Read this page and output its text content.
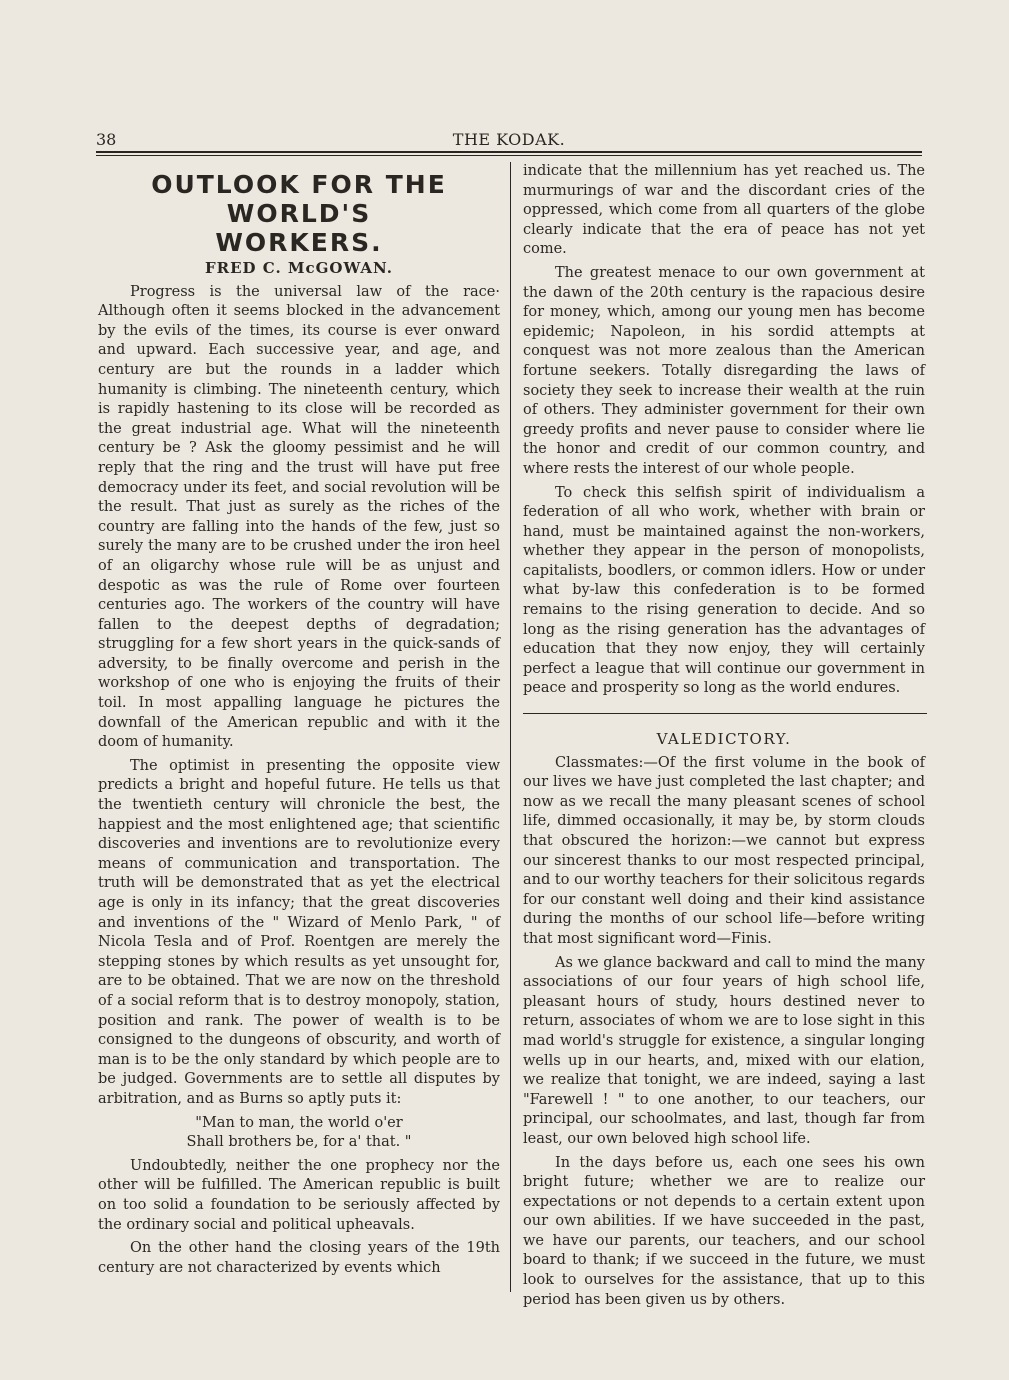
38	THE KODAK.
OUTLOOK FOR THE WORLD'S
WORKERS.
FRED C. McGOWAN.

Progress is the universal law of the race· Although often it seems blocked in the advancement by the evils of the times, its course is ever onward and upward. Each successive year, and age, and century are but the rounds in a ladder which humanity is climbing. The nineteenth century, which is rapidly hastening to its close will be recorded as the great industrial age. What will the nineteenth century be ? Ask the gloomy pessimist and he will reply that the ring and the trust will have put free democracy under its feet, and social revolution will be the result. That just as surely as the riches of the country are falling into the hands of the few, just so surely the many are to be crushed under the iron heel of an oligarchy whose rule will be as unjust and despotic as was the rule of Rome over fourteen centuries ago. The workers of the country will have fallen to the deepest depths of degradation; struggling for a few short years in the quick-sands of adversity, to be finally overcome and perish in the workshop of one who is enjoying the fruits of their toil. In most appalling language he pictures the downfall of the American republic and with it the doom of humanity.

The optimist in presenting the opposite view predicts a bright and hopeful future. He tells us that the twentieth century will chronicle the best, the happiest and the most enlightened age; that scientific discoveries and inventions are to revolutionize every means of communication and transportation. The truth will be demonstrated that as yet the electrical age is only in its infancy; that the great discoveries and inventions of the " Wizard of Menlo Park, " of Nicola Tesla and of Prof. Roentgen are merely the stepping stones by which results as yet unsought for, are to be obtained. That we are now on the threshold of a social reform that is to destroy monopoly, station, position and rank. The power of wealth is to be consigned to the dungeons of obscurity, and worth of man is to be the only standard by which people are to be judged. Governments are to settle all disputes by arbitration, and as Burns so aptly puts it:

"Man to man, the world o'er

Shall brothers be, for a' that. "

Undoubtedly, neither the one prophecy nor the other will be fulfilled. The American republic is built on too solid a foundation to be seriously affected by the ordinary social and political upheavals.

On the other hand the closing years of the 19th century are not characterized by events which

indicate that the millennium has yet reached us. The murmurings of war and the discordant cries of the oppressed, which come from all quarters of the globe clearly indicate that the era of peace has not yet come.

The greatest menace to our own government at the dawn of the 20th century is the rapacious desire for money, which, among our young men has become epidemic; Napoleon, in his sordid attempts at conquest was not more zealous than the American fortune seekers. Totally disregarding the laws of society they seek to increase their wealth at the ruin of others. They administer government for their own greedy profits and never pause to consider where lie the honor and credit of our common country, and where rests the interest of our whole people.

To check this selfish spirit of individualism a federation of all who work, whether with brain or hand, must be maintained against the non-workers, whether they appear in the person of monopolists, capitalists, boodlers, or common idlers. How or under what by-law this confederation is to be formed remains to the rising generation to decide. And so long as the rising generation has the advantages of education that they now enjoy, they will certainly perfect a league that will continue our government in peace and prosperity so long as the world endures.

VALEDICTORY.

Classmates:—Of the first volume in the book of our lives we have just completed the last chapter; and now as we recall the many pleasant scenes of school life, dimmed occasionally, it may be, by storm clouds that obscured the horizon:—we cannot but express our sincerest thanks to our most respected principal, and to our worthy teachers for their solicitous regards for our constant well doing and their kind assistance during the months of our school life—before writing that most significant word—Finis.

As we glance backward and call to mind the many associations of our four years of high school life, pleasant hours of study, hours destined never to return, associates of whom we are to lose sight in this mad world's struggle for existence, a singular longing wells up in our hearts, and, mixed with our elation, we realize that tonight, we are indeed, saying a last "Farewell ! " to one another, to our teachers, our principal, our schoolmates, and last, though far from least, our own beloved high school life.

In the days before us, each one sees his own bright future; whether we are to realize our expectations or not depends to a certain extent upon our own abilities. If we have succeeded in the past, we have our parents, our teachers, and our school board to thank; if we succeed in the future, we must look to ourselves for the assistance, that up to this period has been given us by others.
